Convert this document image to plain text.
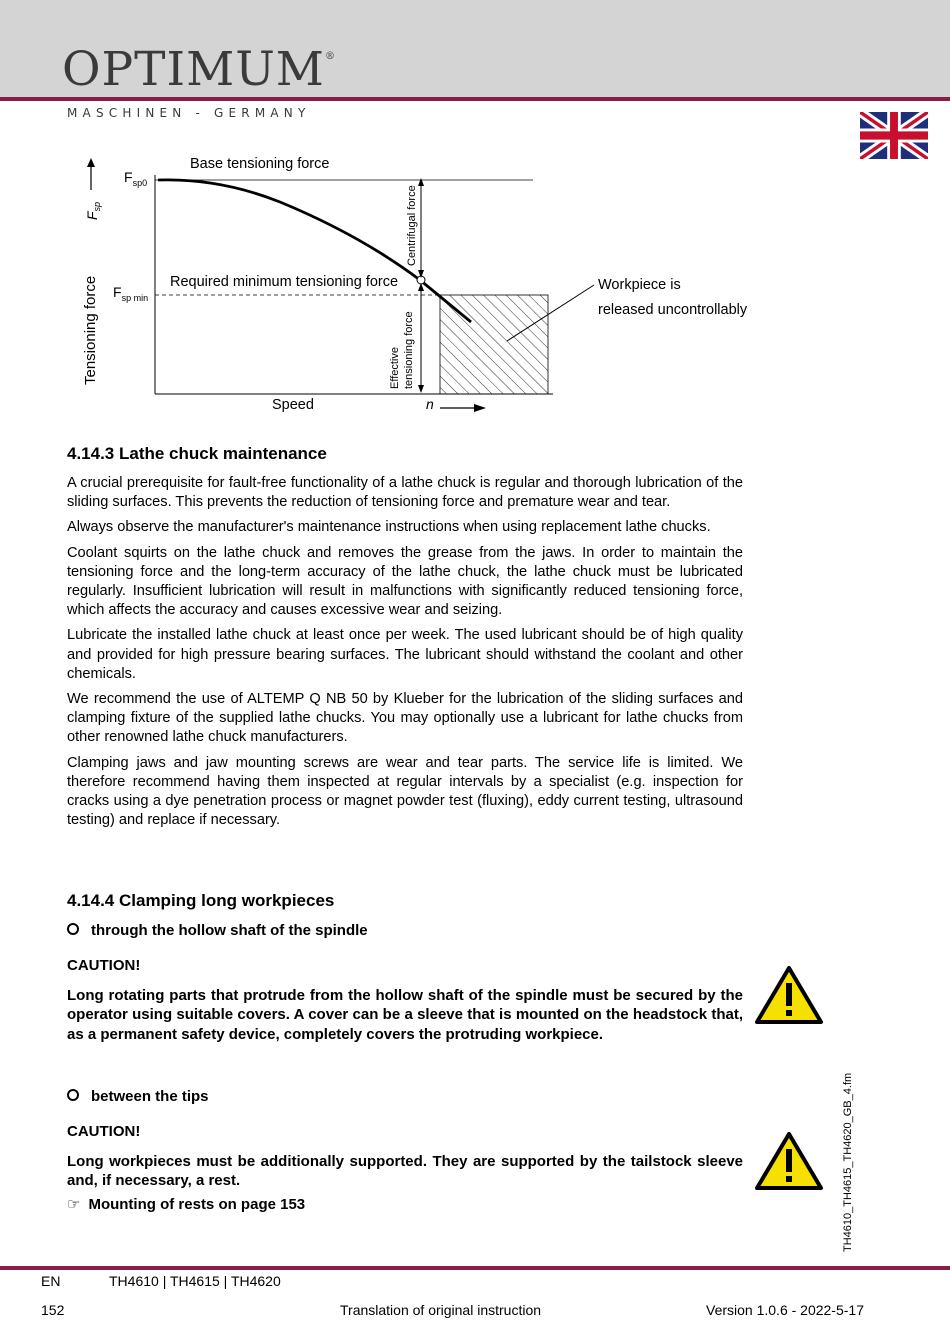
OPTIMUM®
MASCHINEN - GERMANY
$F_{sp}$
Tensioning force
$F_{sp0}$
$F_{sp min}$
Base tensioning force
Required minimum tensioning force
Centrifugal force
Effective tensioning force
Workpiece is
released uncontrollably
Speed	n
4.14.3 Lathe chuck maintenance

A crucial prerequisite for fault-free functionality of a lathe chuck is regular and thorough lubrication of the sliding surfaces. This prevents the reduction of tensioning force and premature wear and tear.

Always observe the manufacturer's maintenance instructions when using replacement lathe chucks.

Coolant squirts on the lathe chuck and removes the grease from the jaws. In order to maintain the tensioning force and the long-term accuracy of the lathe chuck, the lathe chuck must be lubricated regularly. Insufficient lubrication will result in malfunctions with significantly reduced tensioning force, which affects the accuracy and causes excessive wear and seizing.

Lubricate the installed lathe chuck at least once per week. The used lubricant should be of high quality and provided for high pressure bearing surfaces. The lubricant should withstand the coolant and other chemicals.

We recommend the use of ALTEMP Q NB 50 by Klueber for the lubrication of the sliding surfaces and clamping fixture of the supplied lathe chucks. You may optionally use a lubricant for lathe chucks from other renowned lathe chuck manufacturers.

Clamping jaws and jaw mounting screws are wear and tear parts. The service life is limited. We therefore recommend having them inspected at regular intervals by a specialist (e.g. inspection for cracks using a dye penetration process or magnet powder test (fluxing), eddy current testing, ultrasound testing) and replace if necessary.

4.14.4 Clamping long workpieces
through the hollow shaft of the spindle
CAUTION!
Long rotating parts that protrude from the hollow shaft of the spindle must be secured by the operator using suitable covers. A cover can be a sleeve that is mounted on the headstock that, as a permanent safety device, completely covers the protruding workpiece.
between the tips
CAUTION!
Long workpieces must be additionally supported. They are supported by the tailstock sleeve and, if necessary, a rest.
☞ Mounting of rests on page 153	TH4610_TH4615_TH4620_GB_4.fm
EN	TH4610 | TH4615 | TH4620
152	Translation of original instruction	Version 1.0.6 - 2022-5-17
